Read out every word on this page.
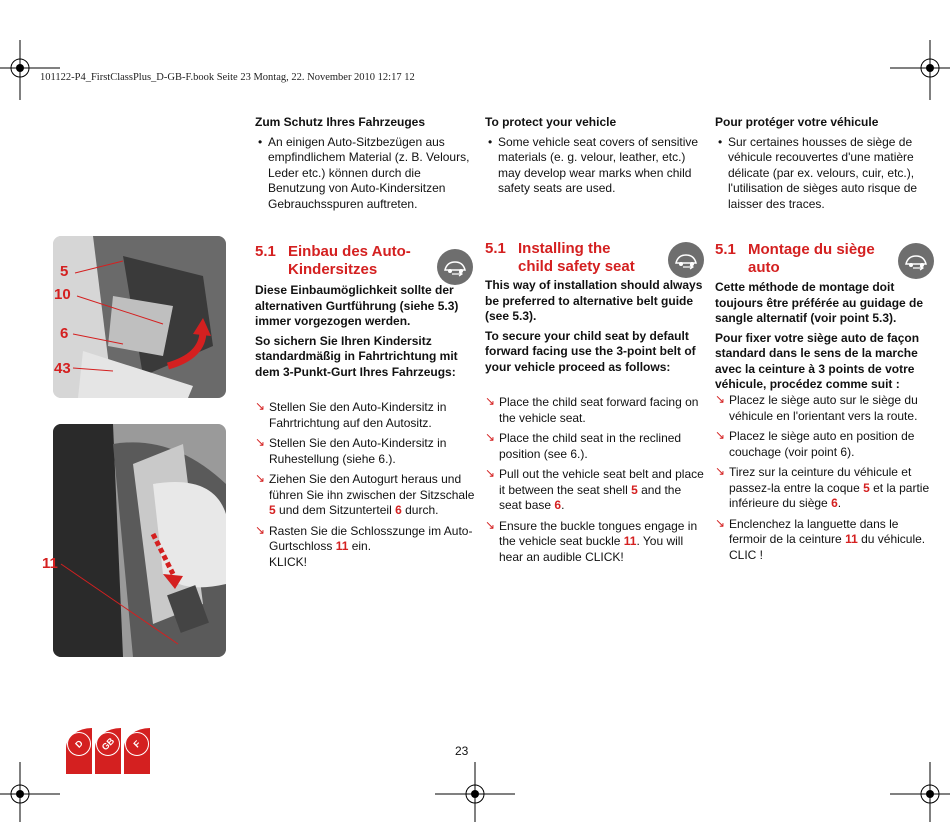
101122-P4_FirstClassPlus_D-GB-F.book Seite 23 Montag, 22. November 2010 12:17 12
5
10
6
43
11
Zum Schutz Ihres Fahrzeuges
• An einigen Auto-Sitzbezügen aus empfindlichem Material (z. B. Velours, Leder etc.) können durch die Benutzung von Auto-Kindersitzen Gebrauchsspuren auftreten.
5.1 Einbau des Auto-Kindersitzes

Diese Einbaumöglichkeit sollte der alternativen Gurtführung (siehe 5.3) immer vorgezogen werden.

So sichern Sie Ihren Kindersitz standardmäßig in Fahrtrichtung mit dem 3-Punkt-Gurt Ihres Fahrzeugs:

↘ Stellen Sie den Auto-Kindersitz in Fahrtrichtung auf den Autositz.
↘ Stellen Sie den Auto-Kindersitz in Ruhestellung (siehe 6.).
↘ Ziehen Sie den Autogurt heraus und führen Sie ihn zwischen der Sitzschale 5 und dem Sitzunterteil 6 durch.
↘ Rasten Sie die Schlosszunge im Auto-Gurtschloss 11 ein.
KLICK!
To protect your vehicle
• Some vehicle seat covers of sensitive materials (e. g. velour, leather, etc.) may develop wear marks when child safety seats are used.
5.1 Installing the child safety seat

This way of installation should always be preferred to alternative belt guide (see 5.3).

To secure your child seat by default forward facing use the 3-point belt of your vehicle proceed as follows:

↘ Place the child seat forward facing on the vehicle seat.
↘ Place the child seat in the reclined position (see 6.).
↘ Pull out the vehicle seat belt and place it between the seat shell 5 and the seat base 6.
↘ Ensure the buckle tongues engage in the vehicle seat buckle 11. You will hear an audible CLICK!
Pour protéger votre véhicule
• Sur certaines housses de siège de véhicule recouvertes d'une matière délicate (par ex. velours, cuir, etc.), l'utilisation de sièges auto risque de laisser des traces.
5.1 Montage du siège auto

Cette méthode de montage doit toujours être préférée au guidage de sangle alternatif (voir point 5.3).

Pour fixer votre siège auto de façon standard dans le sens de la marche avec la ceinture à 3 points de votre véhicule, procédez comme suit :

↘ Placez le siège auto sur le siège du véhicule en l'orientant vers la route.
↘ Placez le siège auto en position de couchage (voir point 6).
↘ Tirez sur la ceinture du véhicule et passez-la entre la coque 5 et la partie inférieure du siège 6.
↘ Enclenchez la languette dans le fermoir de la ceinture 11 du véhicule.
CLIC !
23
D	GB	F
